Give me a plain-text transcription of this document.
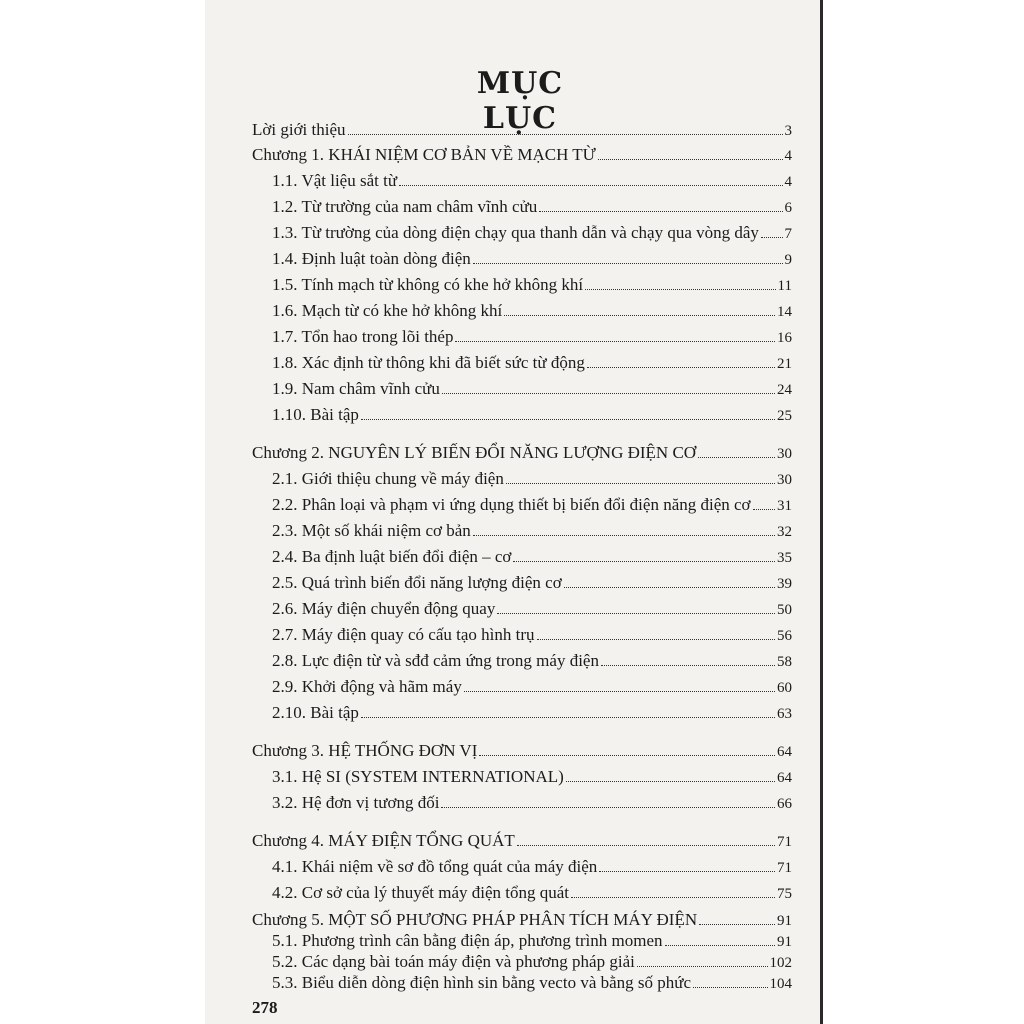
MỤC LỤC
Lời giới thiệu	3
Chương 1. KHÁI NIỆM CƠ BẢN VỀ MẠCH TỪ	4
1.1. Vật liệu sắt từ	4
1.2. Từ trường của nam châm vĩnh cửu	6
1.3. Từ trường của dòng điện chạy qua thanh dẫn và chạy qua vòng dây 7
1.4. Định luật toàn dòng điện	9
1.5. Tính mạch từ không có khe hở không khí	11
1.6. Mạch từ có khe hở không khí	14
1.7. Tổn hao trong lõi thép	16
1.8. Xác định từ thông khi đã biết sức từ động	21
1.9. Nam châm vĩnh cửu	24
1.10. Bài tập	25
Chương 2. NGUYÊN LÝ BIẾN ĐỔI NĂNG LƯỢNG ĐIỆN CƠ	30
2.1. Giới thiệu chung về máy điện	30
2.2. Phân loại và phạm vi ứng dụng thiết bị biến đổi điện năng điện cơ 31
2.3. Một số khái niệm cơ bản	32
2.4. Ba định luật biến đổi điện – cơ	35
2.5. Quá trình biến đổi năng lượng điện cơ	39
2.6. Máy điện chuyển động quay	50
2.7. Máy điện quay có cấu tạo hình trụ	56
2.8. Lực điện từ và sđđ cảm ứng trong máy điện	58
2.9. Khởi động và hãm máy	60
2.10. Bài tập	63
Chương 3. HỆ THỐNG ĐƠN VỊ	64
3.1. Hệ SI (SYSTEM INTERNATIONAL)	64
3.2. Hệ đơn vị tương đối	66
Chương 4. MÁY ĐIỆN TỔNG QUÁT	71
4.1. Khái niệm về sơ đồ tổng quát của máy điện	71
4.2. Cơ sở của lý thuyết máy điện tổng quát	75
Chương 5. MỘT SỐ PHƯƠNG PHÁP PHÂN TÍCH MÁY ĐIỆN	91
5.1. Phương trình cân bằng điện áp, phương trình momen	91
5.2. Các dạng bài toán máy điện và phương pháp giải	102
5.3. Biểu diễn dòng điện hình sin bằng vecto và bằng số phức	104
278
